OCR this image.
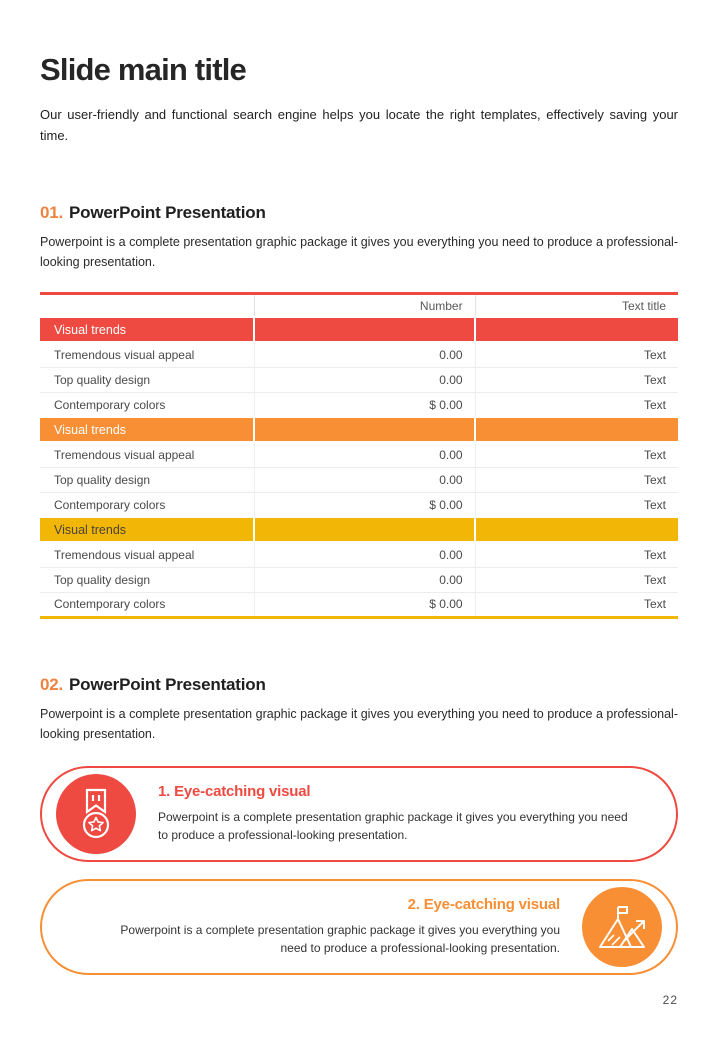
Slide main title

Our user-friendly and functional search engine helps you locate the right templates, effectively saving your time.

01. PowerPoint Presentation

Powerpoint is a complete presentation graphic package it gives you everything you need to produce a professional-looking presentation.

	Number	Text title
Visual trends		
Tremendous visual appeal	0.00	Text
Top quality design	0.00	Text
Contemporary colors	$ 0.00	Text
Visual trends		
Tremendous visual appeal	0.00	Text
Top quality design	0.00	Text
Contemporary colors	$ 0.00	Text
Visual trends		
Tremendous visual appeal	0.00	Text
Top quality design	0.00	Text
Contemporary colors	$ 0.00	Text
02. PowerPoint Presentation

Powerpoint is a complete presentation graphic package it gives you everything you need to produce a professional-looking presentation.

1. Eye-catching visual
Powerpoint is a complete presentation graphic package it gives you everything you need to produce a professional-looking presentation.
2. Eye-catching visual
Powerpoint is a complete presentation graphic package it gives you everything you need to produce a professional-looking presentation.
22
